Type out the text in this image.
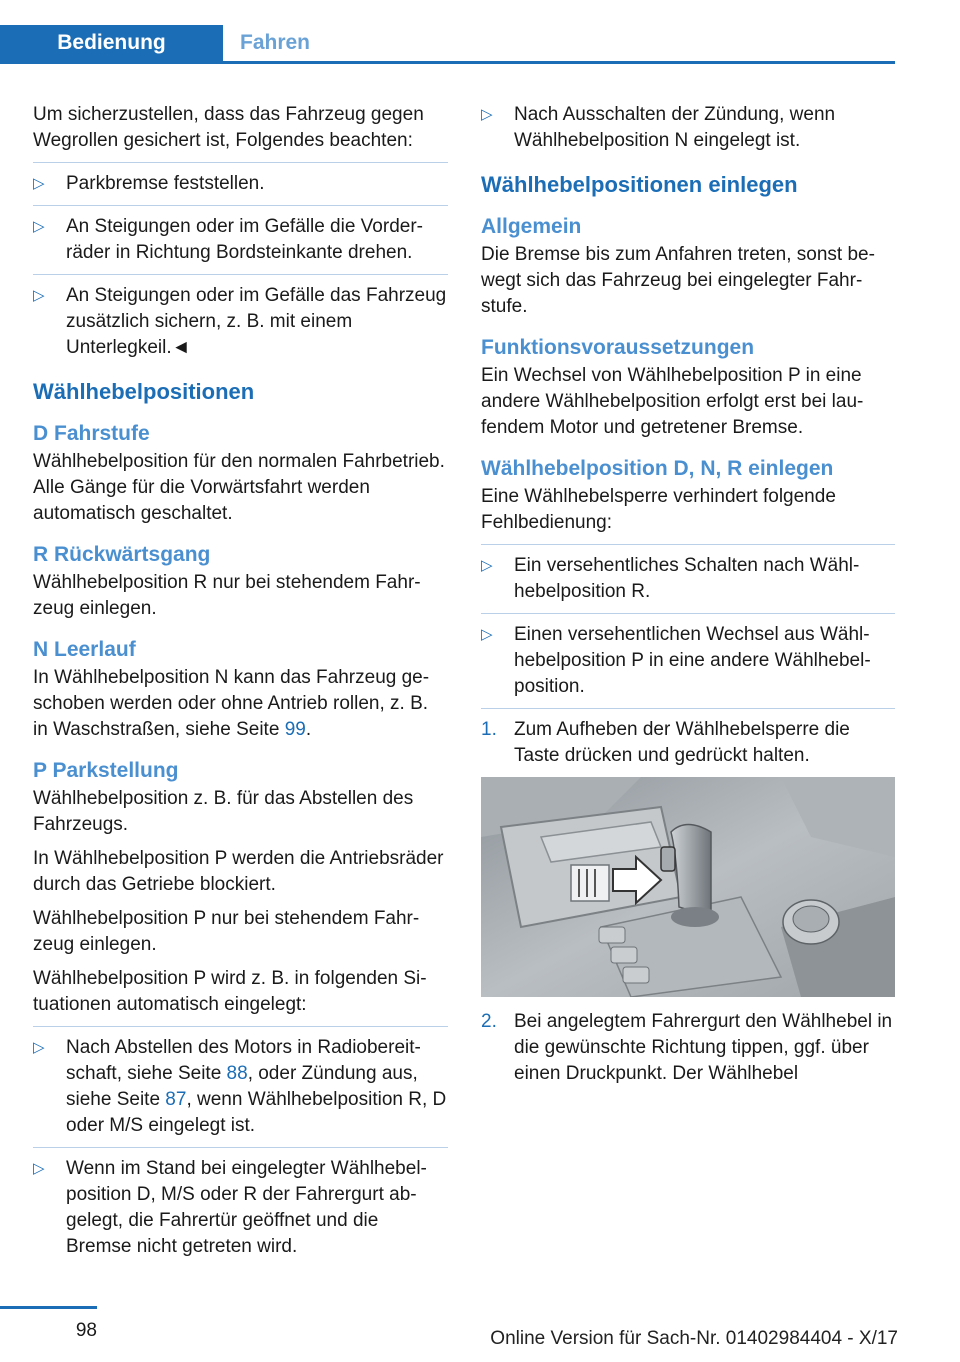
Bedienung	Fahren

Um sicherzustellen, dass das Fahrzeug gegen Wegrollen gesichert ist, Folgendes beachten:

▷ Parkbremse feststellen.
▷ An Steigungen oder im Gefälle die Vorderräder in Richtung Bordsteinkante drehen.
▷ An Steigungen oder im Gefälle das Fahrzeug zusätzlich sichern, z. B. mit einem Unterlegkeil.◄
Wählhebelpositionen
D Fahrstufe

Wählhebelposition für den normalen Fahrbetrieb. Alle Gänge für die Vorwärtsfahrt werden automatisch geschaltet.

R Rückwärtsgang

Wählhebelposition R nur bei stehendem Fahrzeug einlegen.

N Leerlauf

In Wählhebelposition N kann das Fahrzeug geschoben werden oder ohne Antrieb rollen, z. B. in Waschstraßen, siehe Seite 99.

P Parkstellung

Wählhebelposition z. B. für das Abstellen des Fahrzeugs.

In Wählhebelposition P werden die Antriebsräder durch das Getriebe blockiert.

Wählhebelposition P nur bei stehendem Fahrzeug einlegen.

Wählhebelposition P wird z. B. in folgenden Situationen automatisch eingelegt:

▷ Nach Abstellen des Motors in Radiobereitschaft, siehe Seite 88, oder Zündung aus, siehe Seite 87, wenn Wählhebelposition R, D oder M/S eingelegt ist.
▷ Wenn im Stand bei eingelegter Wählhebelposition D, M/S oder R der Fahrergurt abgelegt, die Fahrertür geöffnet und die Bremse nicht getreten wird.
▷ Nach Ausschalten der Zündung, wenn Wählhebelposition N eingelegt ist.
Wählhebelpositionen einlegen
Allgemein

Die Bremse bis zum Anfahren treten, sonst bewegt sich das Fahrzeug bei eingelegter Fahrstufe.

Funktionsvoraussetzungen

Ein Wechsel von Wählhebelposition P in eine andere Wählhebelposition erfolgt erst bei laufendem Motor und getretener Bremse.

Wählhebelposition D, N, R einlegen

Eine Wählhebelsperre verhindert folgende Fehlbedienung:

▷ Ein versehentliches Schalten nach Wählhebelposition R.
▷ Einen versehentlichen Wechsel aus Wählhebelposition P in eine andere Wählhebelposition.
1. Zum Aufheben der Wählhebelsperre die Taste drücken und gedrückt halten.
2. Bei angelegtem Fahrergurt den Wählhebel in die gewünschte Richtung tippen, ggf. über einen Druckpunkt. Der Wählhebel
98	Online Version für Sach-Nr. 01402984404 - X/17
